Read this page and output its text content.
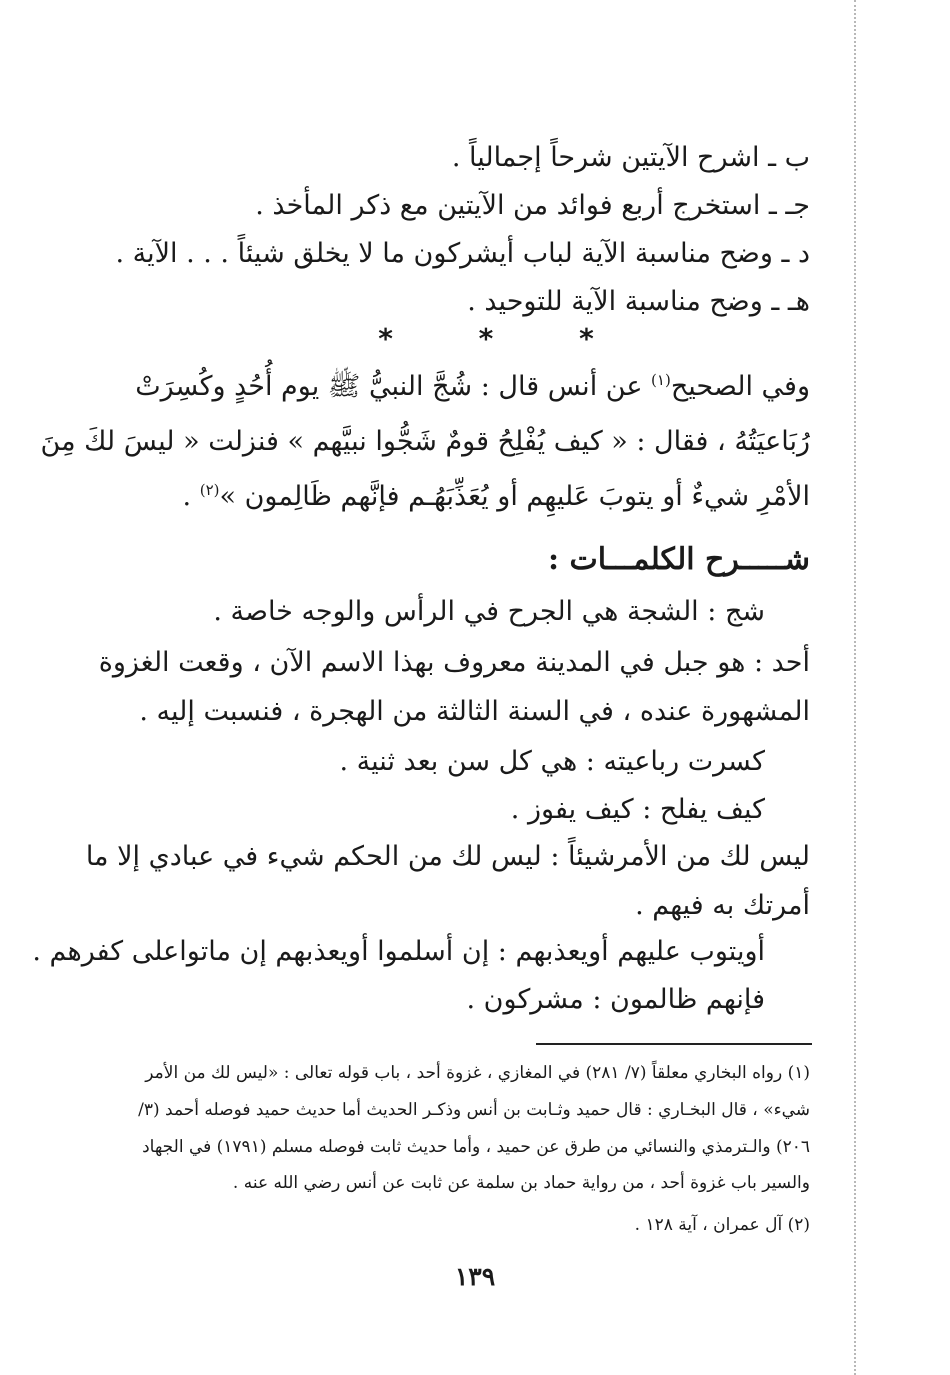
ب ـ اشرح الآيتين شرحاً إجمالياً .
جـ ـ استخرج أربع فوائد من الآيتين مع ذكر المأخذ .
د ـ وضح مناسبة الآية لباب أيشركون ما لا يخلق شيئاً . . . الآية .
هـ ـ وضح مناسبة الآية للتوحيد .
* * *
وفي الصحيح$^{(١)}$ عن أنس قال : شُجَّ النبيُّ ﷺ يوم أُحُدٍ وكُسِرَتْ
رُبَاعيَتُهُ ، فقال : « كيف يُفْلِحُ قومٌ شَجُّوا نبيَّهم » فنزلت « ليسَ لكَ مِنَ
الأمْرِ شيءٌ أو يتوبَ عَليهِم أو يُعَذِّبَهُـم فإنَّهم ظَالِمون »$^{(٢)}$ .
شـــــرح الكلمـــات :
شج : الشجة هي الجرح في الرأس والوجه خاصة .
أحد : هو جبل في المدينة معروف بهذا الاسم الآن ، وقعت الغزوة
المشهورة عنده ، في السنة الثالثة من الهجرة ، فنسبت إليه .
كسرت رباعيته : هي كل سن بعد ثنية .
كيف يفلح : كيف يفوز .
ليس لك من الأمرشيئاً : ليس لك من الحكم شيء في عبادي إلا ما
أمرتك به فيهم .
أويتوب عليهم أويعذبهم : إن أسلموا أويعذبهم إن ماتواعلى كفرهم .
فإنهم ظالمون : مشركون .
(١) رواه البخاري معلقاً (٧/ ٢٨١) في المغازي ، غزوة أحد ، باب قوله تعالى : «ليس لك من الأمر
شيء» ، قال البخـاري : قال حميد وثـابت بن أنس وذكـر الحديث أما حديث حميد فوصله أحمد (٣/
٢٠٦) والـترمذي والنسائي من طرق عن حميد ، وأما حديث ثابت فوصله مسلم (١٧٩١) في الجهاد
والسير باب غزوة أحد ، من رواية حماد بن سلمة عن ثابت عن أنس رضي الله عنه .
(٢) آل عمران ، آية ١٢٨ .
١٣٩
